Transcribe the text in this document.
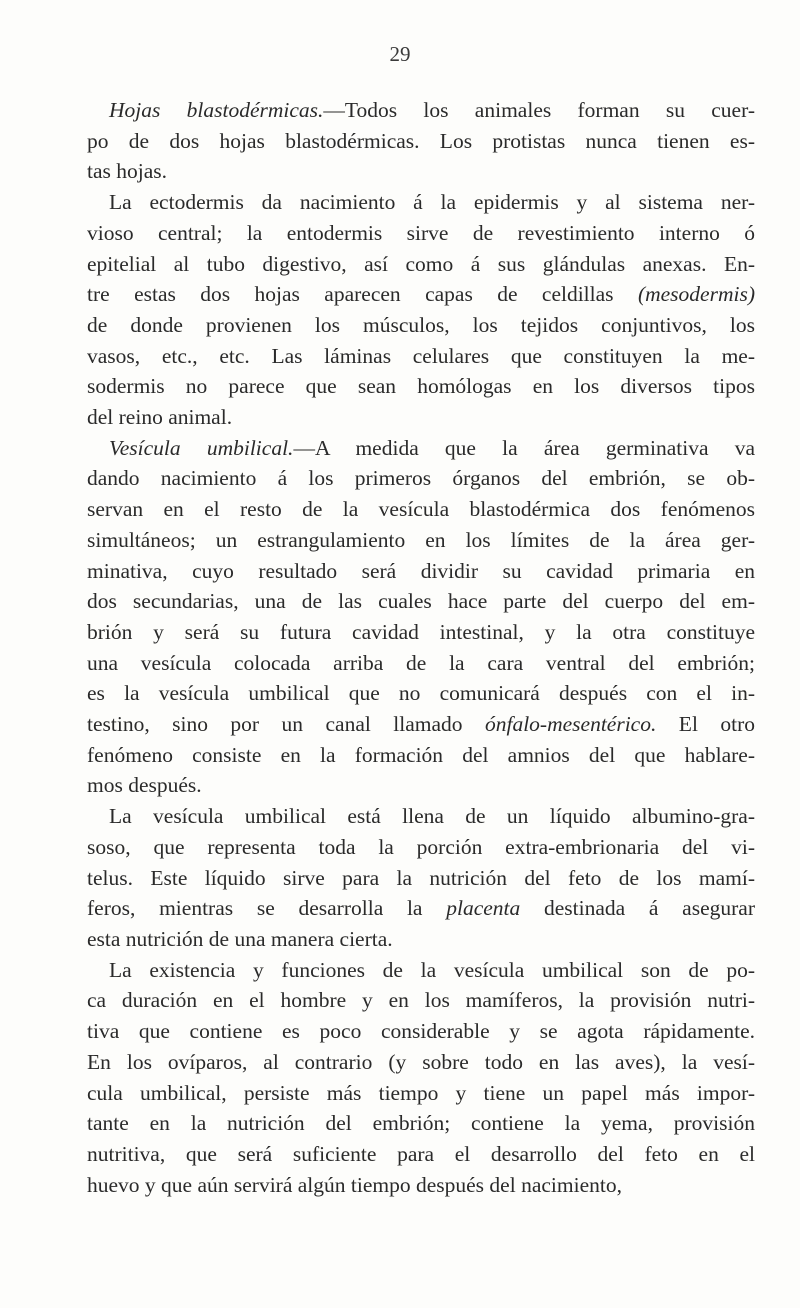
29

Hojas blastodérmicas.—Todos los animales forman su cuer-
po de dos hojas blastodérmicas. Los protistas nunca tienen es-
tas hojas.

La ectodermis da nacimiento á la epidermis y al sistema ner-
vioso central; la entodermis sirve de revestimiento interno ó
epitelial al tubo digestivo, así como á sus glándulas anexas. En-
tre estas dos hojas aparecen capas de celdillas (mesodermis)
de donde provienen los músculos, los tejidos conjuntivos, los
vasos, etc., etc. Las láminas celulares que constituyen la me-
sodermis no parece que sean homólogas en los diversos tipos
del reino animal.

Vesícula umbilical.—A medida que la área germinativa va
dando nacimiento á los primeros órganos del embrión, se ob-
servan en el resto de la vesícula blastodérmica dos fenómenos
simultáneos; un estrangulamiento en los límites de la área ger-
minativa, cuyo resultado será dividir su cavidad primaria en
dos secundarias, una de las cuales hace parte del cuerpo del em-
brión y será su futura cavidad intestinal, y la otra constituye
una vesícula colocada arriba de la cara ventral del embrión;
es la vesícula umbilical que no comunicará después con el in-
testino, sino por un canal llamado ónfalo-mesentérico. El otro
fenómeno consiste en la formación del amnios del que hablare-
mos después.

La vesícula umbilical está llena de un líquido albumino-gra-
soso, que representa toda la porción extra-embrionaria del vi-
telus. Este líquido sirve para la nutrición del feto de los mamí-
feros, mientras se desarrolla la placenta destinada á asegurar
esta nutrición de una manera cierta.

La existencia y funciones de la vesícula umbilical son de po-
ca duración en el hombre y en los mamíferos, la provisión nutri-
tiva que contiene es poco considerable y se agota rápidamente.
En los ovíparos, al contrario (y sobre todo en las aves), la vesí-
cula umbilical, persiste más tiempo y tiene un papel más impor-
tante en la nutrición del embrión; contiene la yema, provisión
nutritiva, que será suficiente para el desarrollo del feto en el
huevo y que aún servirá algún tiempo después del nacimiento,
